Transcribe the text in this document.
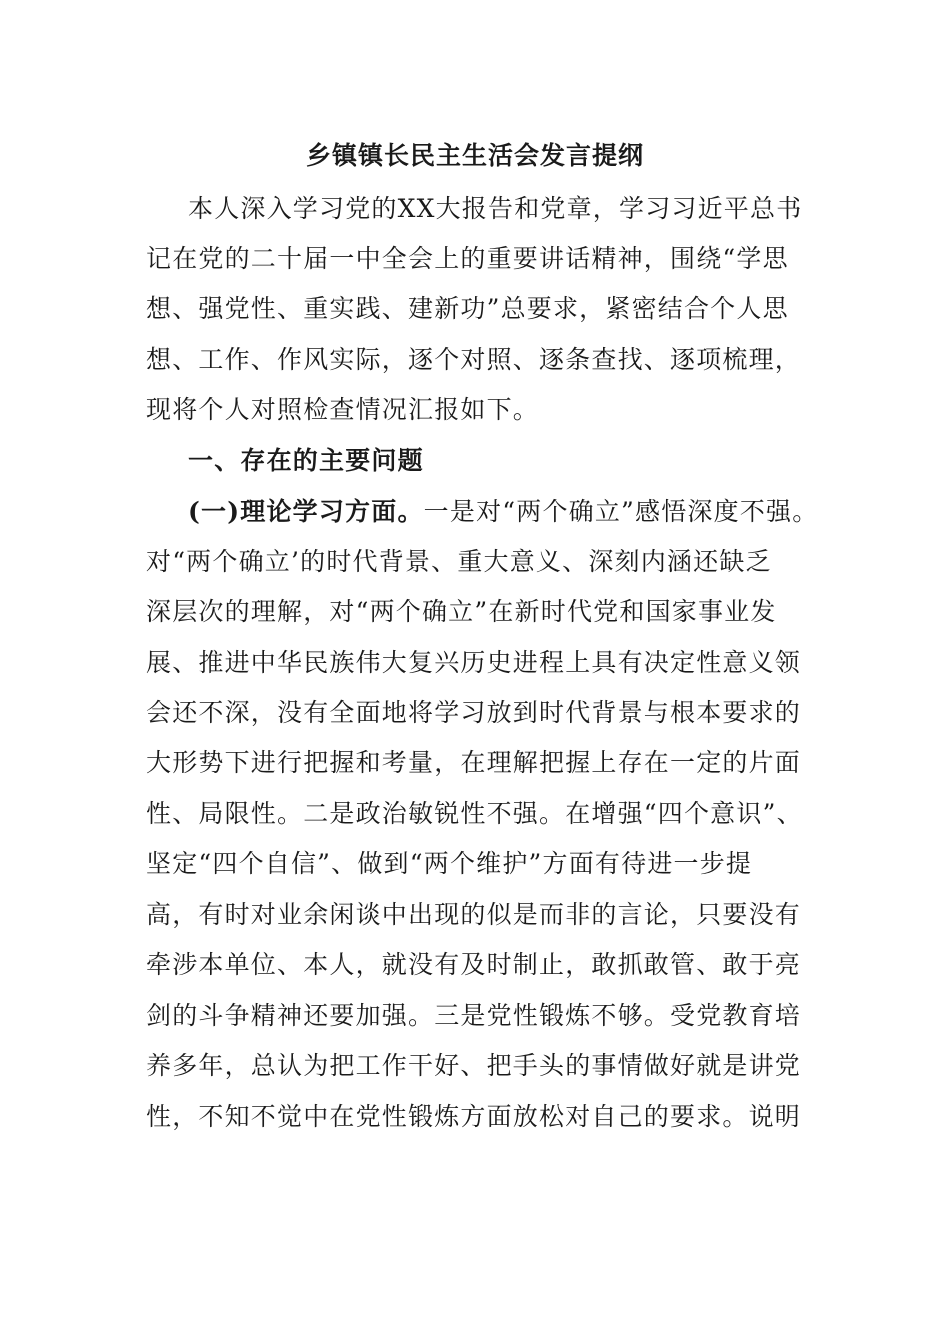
乡镇镇长民主生活会发言提纲
本人深入学习党的XX大报告和党章，学习习近平总书
记在党的二十届一中全会上的重要讲话精神，围绕“学思
想、强党性、重实践、建新功”总要求，紧密结合个人思
想、工作、作风实际，逐个对照、逐条查找、逐项梳理，
现将个人对照检查情况汇报如下。
一、存在的主要问题
(一)理论学习方面。一是对“两个确立”感悟深度不强。
对“两个确立’的时代背景、重大意义、深刻内涵还缺乏
深层次的理解，对“两个确立”在新时代党和国家事业发
展、推进中华民族伟大复兴历史进程上具有决定性意义领
会还不深，没有全面地将学习放到时代背景与根本要求的
大形势下进行把握和考量，在理解把握上存在一定的片面
性、局限性。二是政治敏锐性不强。在增强“四个意识”、
坚定“四个自信”、做到“两个维护”方面有待进一步提
高，有时对业余闲谈中出现的似是而非的言论，只要没有
牵涉本单位、本人，就没有及时制止，敢抓敢管、敢于亮
剑的斗争精神还要加强。三是党性锻炼不够。受党教育培
养多年，总认为把工作干好、把手头的事情做好就是讲党
性，不知不觉中在党性锻炼方面放松对自己的要求。说明
